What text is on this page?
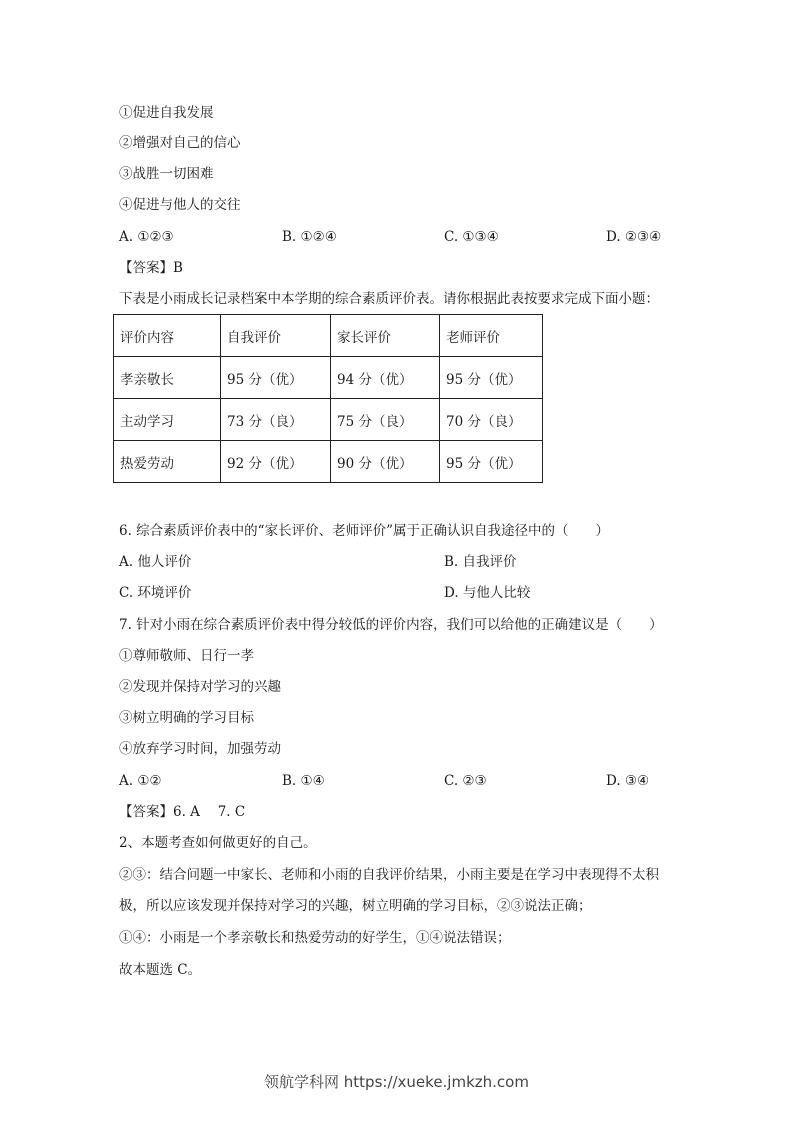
①促进自我发展
②增强对自己的信心
③战胜一切困难
④促进与他人的交往
A. ①②③	B. ①②④	C. ①③④	D. ②③④
【答案】B
下表是小雨成长记录档案中本学期的综合素质评价表。请你根据此表按要求完成下面小题：
评价内容	自我评价	家长评价	老师评价
孝亲敬长	95 分（优）	94 分（优）	95 分（优）
主动学习	73 分（良）	75 分（良）	70 分（良）
热爱劳动	92 分（优）	90 分（优）	95 分（优）
6. 综合素质评价表中的“家长评价、老师评价”属于正确认识自我途径中的（　　）
A. 他人评价	B. 自我评价
C. 环境评价	D. 与他人比较
7. 针对小雨在综合素质评价表中得分较低的评价内容，我们可以给他的正确建议是（　　）
①尊师敬师、日行一孝
②发现并保持对学习的兴趣
③树立明确的学习目标
④放弃学习时间，加强劳动
A. ①②	B. ①④	C. ②③	D. ③④
【答案】6. A　 7. C
2、本题考查如何做更好的自己。
②③：结合问题一中家长、老师和小雨的自我评价结果，小雨主要是在学习中表现得不太积
极，所以应该发现并保持对学习的兴趣，树立明确的学习目标，②③说法正确；
①④：小雨是一个孝亲敬长和热爱劳动的好学生，①④说法错误；
故本题选 C。
领航学科网 https://xueke.jmkzh.com
